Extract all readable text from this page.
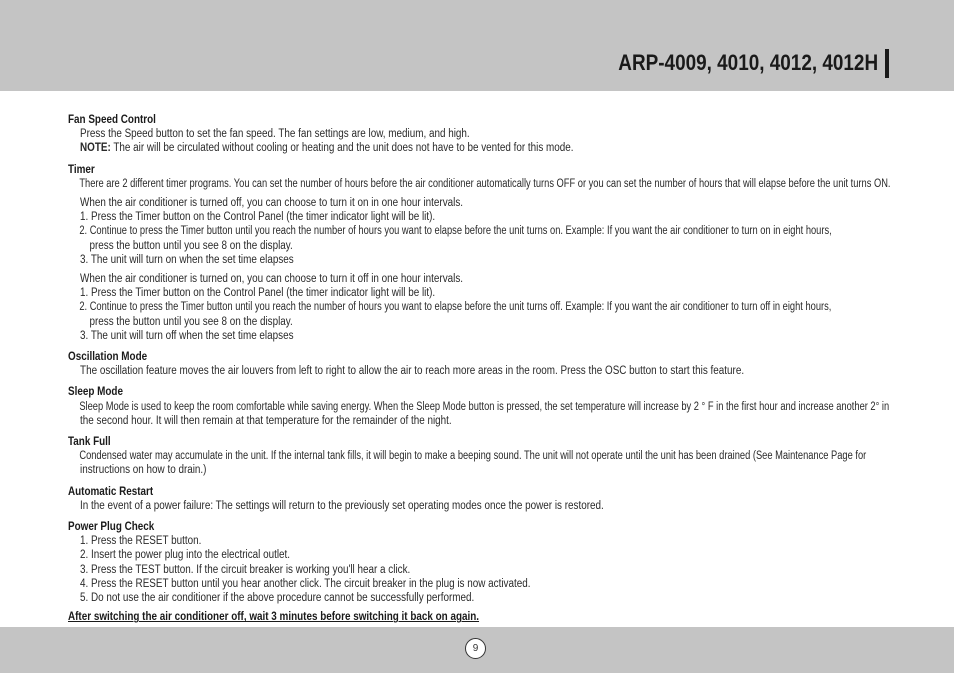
ARP-4009, 4010, 4012, 4012H
Fan Speed Control
Press the Speed button to set the fan speed. The fan settings are low, medium, and high.
NOTE: The air will be circulated without cooling or heating and the unit does not have to be vented for this mode.
Timer
There are 2 different timer programs. You can set the number of hours before the air conditioner automatically turns OFF or you can set the number of hours that will elapse before the unit turns ON.
When the air conditioner is turned off, you can choose to turn it on in one hour intervals.
1. Press the Timer button on the Control Panel (the timer indicator light will be lit).
2. Continue to press the Timer button until you reach the number of hours you want to elapse before the unit turns on. Example: If you want the air conditioner to turn on in eight hours,
press the button until you see 8 on the display.
3. The unit will turn on when the set time elapses
When the air conditioner is turned on, you can choose to turn it off in one hour intervals.
1. Press the Timer button on the Control Panel (the timer indicator light will be lit).
2. Continue to press the Timer button until you reach the number of hours you want to elapse before the unit turns off. Example: If you want the air conditioner to turn off in eight hours,
press the button until you see 8 on the display.
3. The unit will turn off when the set time elapses
Oscillation Mode
The oscillation feature moves the air louvers from left to right to allow the air to reach more areas in the room. Press the OSC button to start this feature.
Sleep Mode
Sleep Mode is used to keep the room comfortable while saving energy. When the Sleep Mode button is pressed, the set temperature will increase by 2 ° F in the first hour and increase another 2° in
the second hour. It will then remain at that temperature for the remainder of the night.
Tank Full
Condensed water may accumulate in the unit. If the internal tank fills, it will begin to make a beeping sound. The unit will not operate until the unit has been drained (See Maintenance Page for
instructions on how to drain.)
Automatic Restart
In the event of a power failure: The settings will return to the previously set operating modes once the power is restored.
Power Plug Check
1. Press the RESET button.
2. Insert the power plug into the electrical outlet.
3. Press the TEST button. If the circuit breaker is working you'll hear a click.
4. Press the RESET button until you hear another click. The circuit breaker in the plug is now activated.
5. Do not use the air conditioner if the above procedure cannot be successfully performed.
After switching the air conditioner off, wait 3 minutes before switching it back on again.
9
